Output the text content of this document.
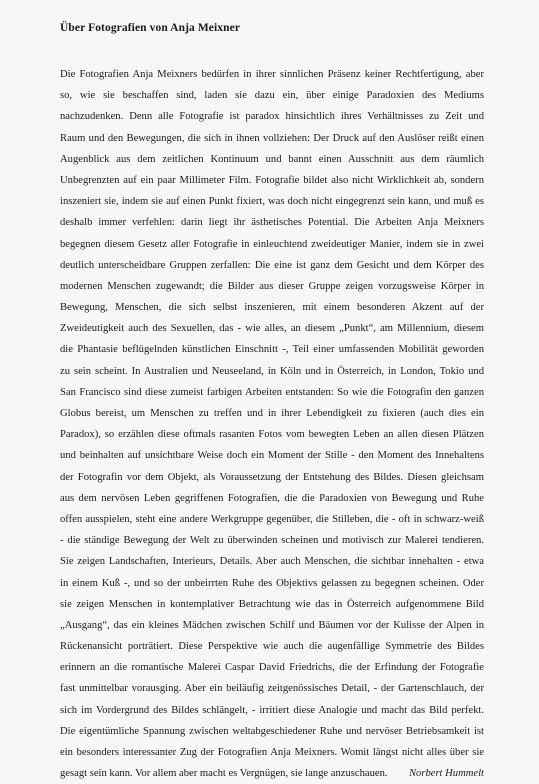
Über Fotografien von Anja Meixner
Die Fotografien Anja Meixners bedürfen in ihrer sinnlichen Präsenz keiner Rechtfertigung, aber
so, wie sie beschaffen sind, laden sie dazu ein, über einige Paradoxien des Mediums
nachzudenken. Denn alle Fotografie ist paradox hinsichtlich ihres Verhältnisses zu Zeit und
Raum und den Bewegungen, die sich in ihnen vollziehen: Der Druck auf den Auslöser reißt einen
Augenblick aus dem zeitlichen Kontinuum und bannt einen Ausschnitt aus dem räumlich
Unbegrenzten auf ein paar Millimeter Film. Fotografie bildet also nicht Wirklichkeit ab, sondern
inszeniert sie, indem sie auf einen Punkt fixiert, was doch nicht eingegrenzt sein kann, und muß es
deshalb immer verfehlen: darin liegt ihr ästhetisches Potential. Die Arbeiten Anja Meixners
begegnen diesem Gesetz aller Fotografie in einleuchtend zweideutiger Manier, indem sie in zwei
deutlich unterscheidbare Gruppen zerfallen: Die eine ist ganz dem Gesicht und dem Körper des
modernen Menschen zugewandt; die Bilder aus dieser Gruppe zeigen vorzugsweise Körper in
Bewegung, Menschen, die sich selbst inszenieren, mit einem besonderen Akzent auf der
Zweideutigkeit auch des Sexuellen, das - wie alles, an diesem „Punkt“, am Millennium, diesem
die Phantasie beflügelnden künstlichen Einschnitt -, Teil einer umfassenden Mobilität geworden
zu sein scheint. In Australien und Neuseeland, in Köln und in Österreich, in London, Tokio und
San Francisco sind diese zumeist farbigen Arbeiten entstanden: So wie die Fotografin den ganzen
Globus bereist, um Menschen zu treffen und in ihrer Lebendigkeit zu fixieren (auch dies ein
Paradox), so erzählen diese oftmals rasanten Fotos vom bewegten Leben an allen diesen Plätzen
und beinhalten auf unsichtbare Weise doch ein Moment der Stille - den Moment des Innehaltens
der Fotografin vor dem Objekt, als Voraussetzung der Entstehung des Bildes. Diesen gleichsam
aus dem nervösen Leben gegriffenen Fotografien, die die Paradoxien von Bewegung und Ruhe
offen ausspielen, steht eine andere Werkgruppe gegenüber, die Stilleben, die - oft in schwarz-weiß
- die ständige Bewegung der Welt zu überwinden scheinen und motivisch zur Malerei tendieren.
Sie zeigen Landschaften, Interieurs, Details. Aber auch Menschen, die sichtbar innehalten - etwa
in einem Kuß -, und so der unbeirrten Ruhe des Objektivs gelassen zu begegnen scheinen. Oder
sie zeigen Menschen in kontemplativer Betrachtung wie das in Österreich aufgenommene Bild
„Ausgang“, das ein kleines Mädchen zwischen Schilf und Bäumen vor der Kulisse der Alpen in
Rückenansicht porträtiert. Diese Perspektive wie auch die augenfällige Symmetrie des Bildes
erinnern an die romantische Malerei Caspar David Friedrichs, die der Erfindung der Fotografie
fast unmittelbar vorausging. Aber ein beiläufig zeitgenössisches Detail, - der Gartenschlauch, der
sich im Vordergrund des Bildes schlängelt, - irritiert diese Analogie und macht das Bild perfekt.
Die eigentümliche Spannung zwischen weltabgeschiedener Ruhe und nervöser Betriebsamkeit ist
ein besonders interessanter Zug der Fotografien Anja Meixners. Womit längst nicht alles über sie
gesagt sein kann. Vor allem aber macht es Vergnügen, sie lange anzuschauen. Norbert Hummelt
